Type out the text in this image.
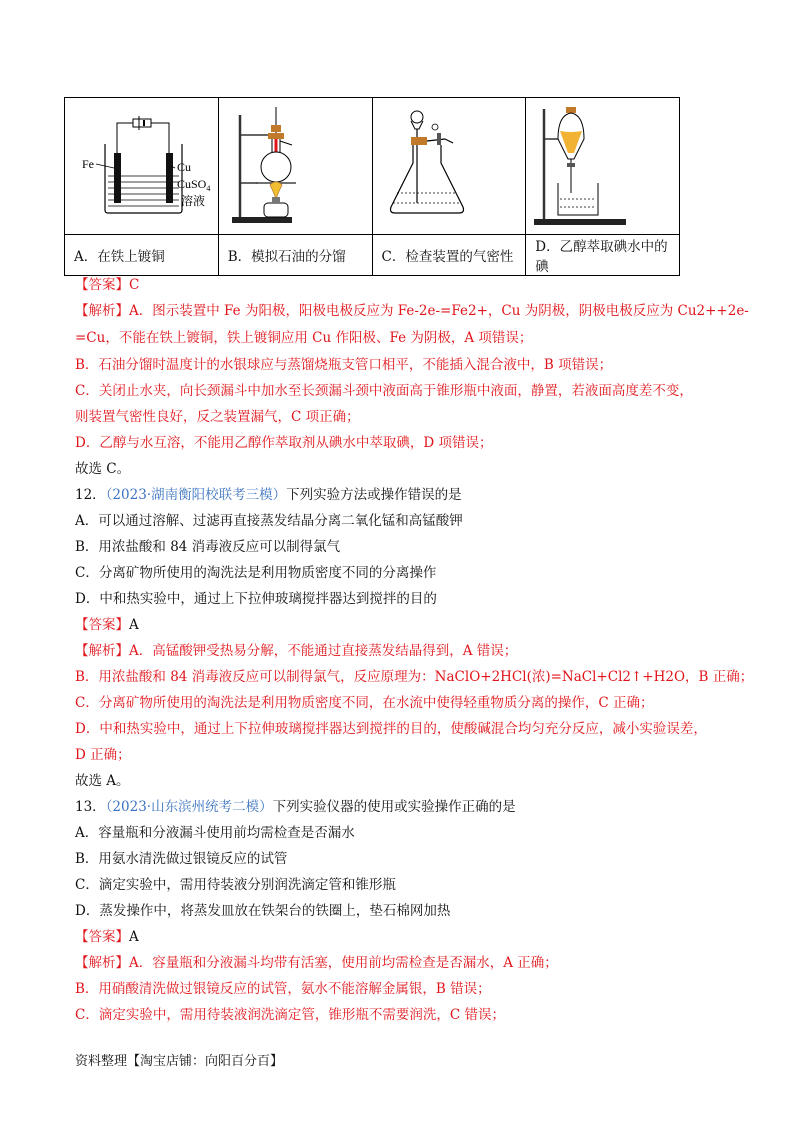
Fe Cu
CuSO$_4$
溶液

A．在铁上镀铜	B．模拟石油的分馏	C．检查装置的气密性	D．乙醇萃取碘水中的碘
【答案】C
【解析】A．图示装置中 Fe 为阳极，阳极电极反应为 Fe-2e-=Fe2+，Cu 为阴极，阴极电极反应为 Cu2++2e-
=Cu，不能在铁上镀铜，铁上镀铜应用 Cu 作阳极、Fe 为阴极，A 项错误；
B．石油分馏时温度计的水银球应与蒸馏烧瓶支管口相平，不能插入混合液中，B 项错误；
C．关闭止水夹，向长颈漏斗中加水至长颈漏斗颈中液面高于锥形瓶中液面，静置，若液面高度差不变，
则装置气密性良好，反之装置漏气，C 项正确；
D．乙醇与水互溶，不能用乙醇作萃取剂从碘水中萃取碘，D 项错误；
故选 C。
12．（2023·湖南衡阳校联考三模）下列实验方法或操作错误的是
A．可以通过溶解、过滤再直接蒸发结晶分离二氧化锰和高锰酸钾
B．用浓盐酸和 84 消毒液反应可以制得氯气
C．分离矿物所使用的淘洗法是利用物质密度不同的分离操作
D．中和热实验中，通过上下拉伸玻璃搅拌器达到搅拌的目的
【答案】A
【解析】A．高锰酸钾受热易分解，不能通过直接蒸发结晶得到，A 错误；
B．用浓盐酸和 84 消毒液反应可以制得氯气，反应原理为：NaClO+2HCl(浓)=NaCl+Cl2↑+H2O，B 正确；
C．分离矿物所使用的淘洗法是利用物质密度不同，在水流中使得轻重物质分离的操作，C 正确；
D．中和热实验中，通过上下拉伸玻璃搅拌器达到搅拌的目的，使酸碱混合均匀充分反应，减小实验误差，
D 正确；
故选 A。
13．（2023·山东滨州统考二模）下列实验仪器的使用或实验操作正确的是
A．容量瓶和分液漏斗使用前均需检查是否漏水
B．用氨水清洗做过银镜反应的试管
C．滴定实验中，需用待装液分别润洗滴定管和锥形瓶
D．蒸发操作中，将蒸发皿放在铁架台的铁圈上，垫石棉网加热
【答案】A
【解析】A．容量瓶和分液漏斗均带有活塞，使用前均需检查是否漏水，A 正确；
B．用硝酸清洗做过银镜反应的试管，氨水不能溶解金属银，B 错误；
C．滴定实验中，需用待装液润洗滴定管，锥形瓶不需要润洗，C 错误；
资料整理【淘宝店铺：向阳百分百】
